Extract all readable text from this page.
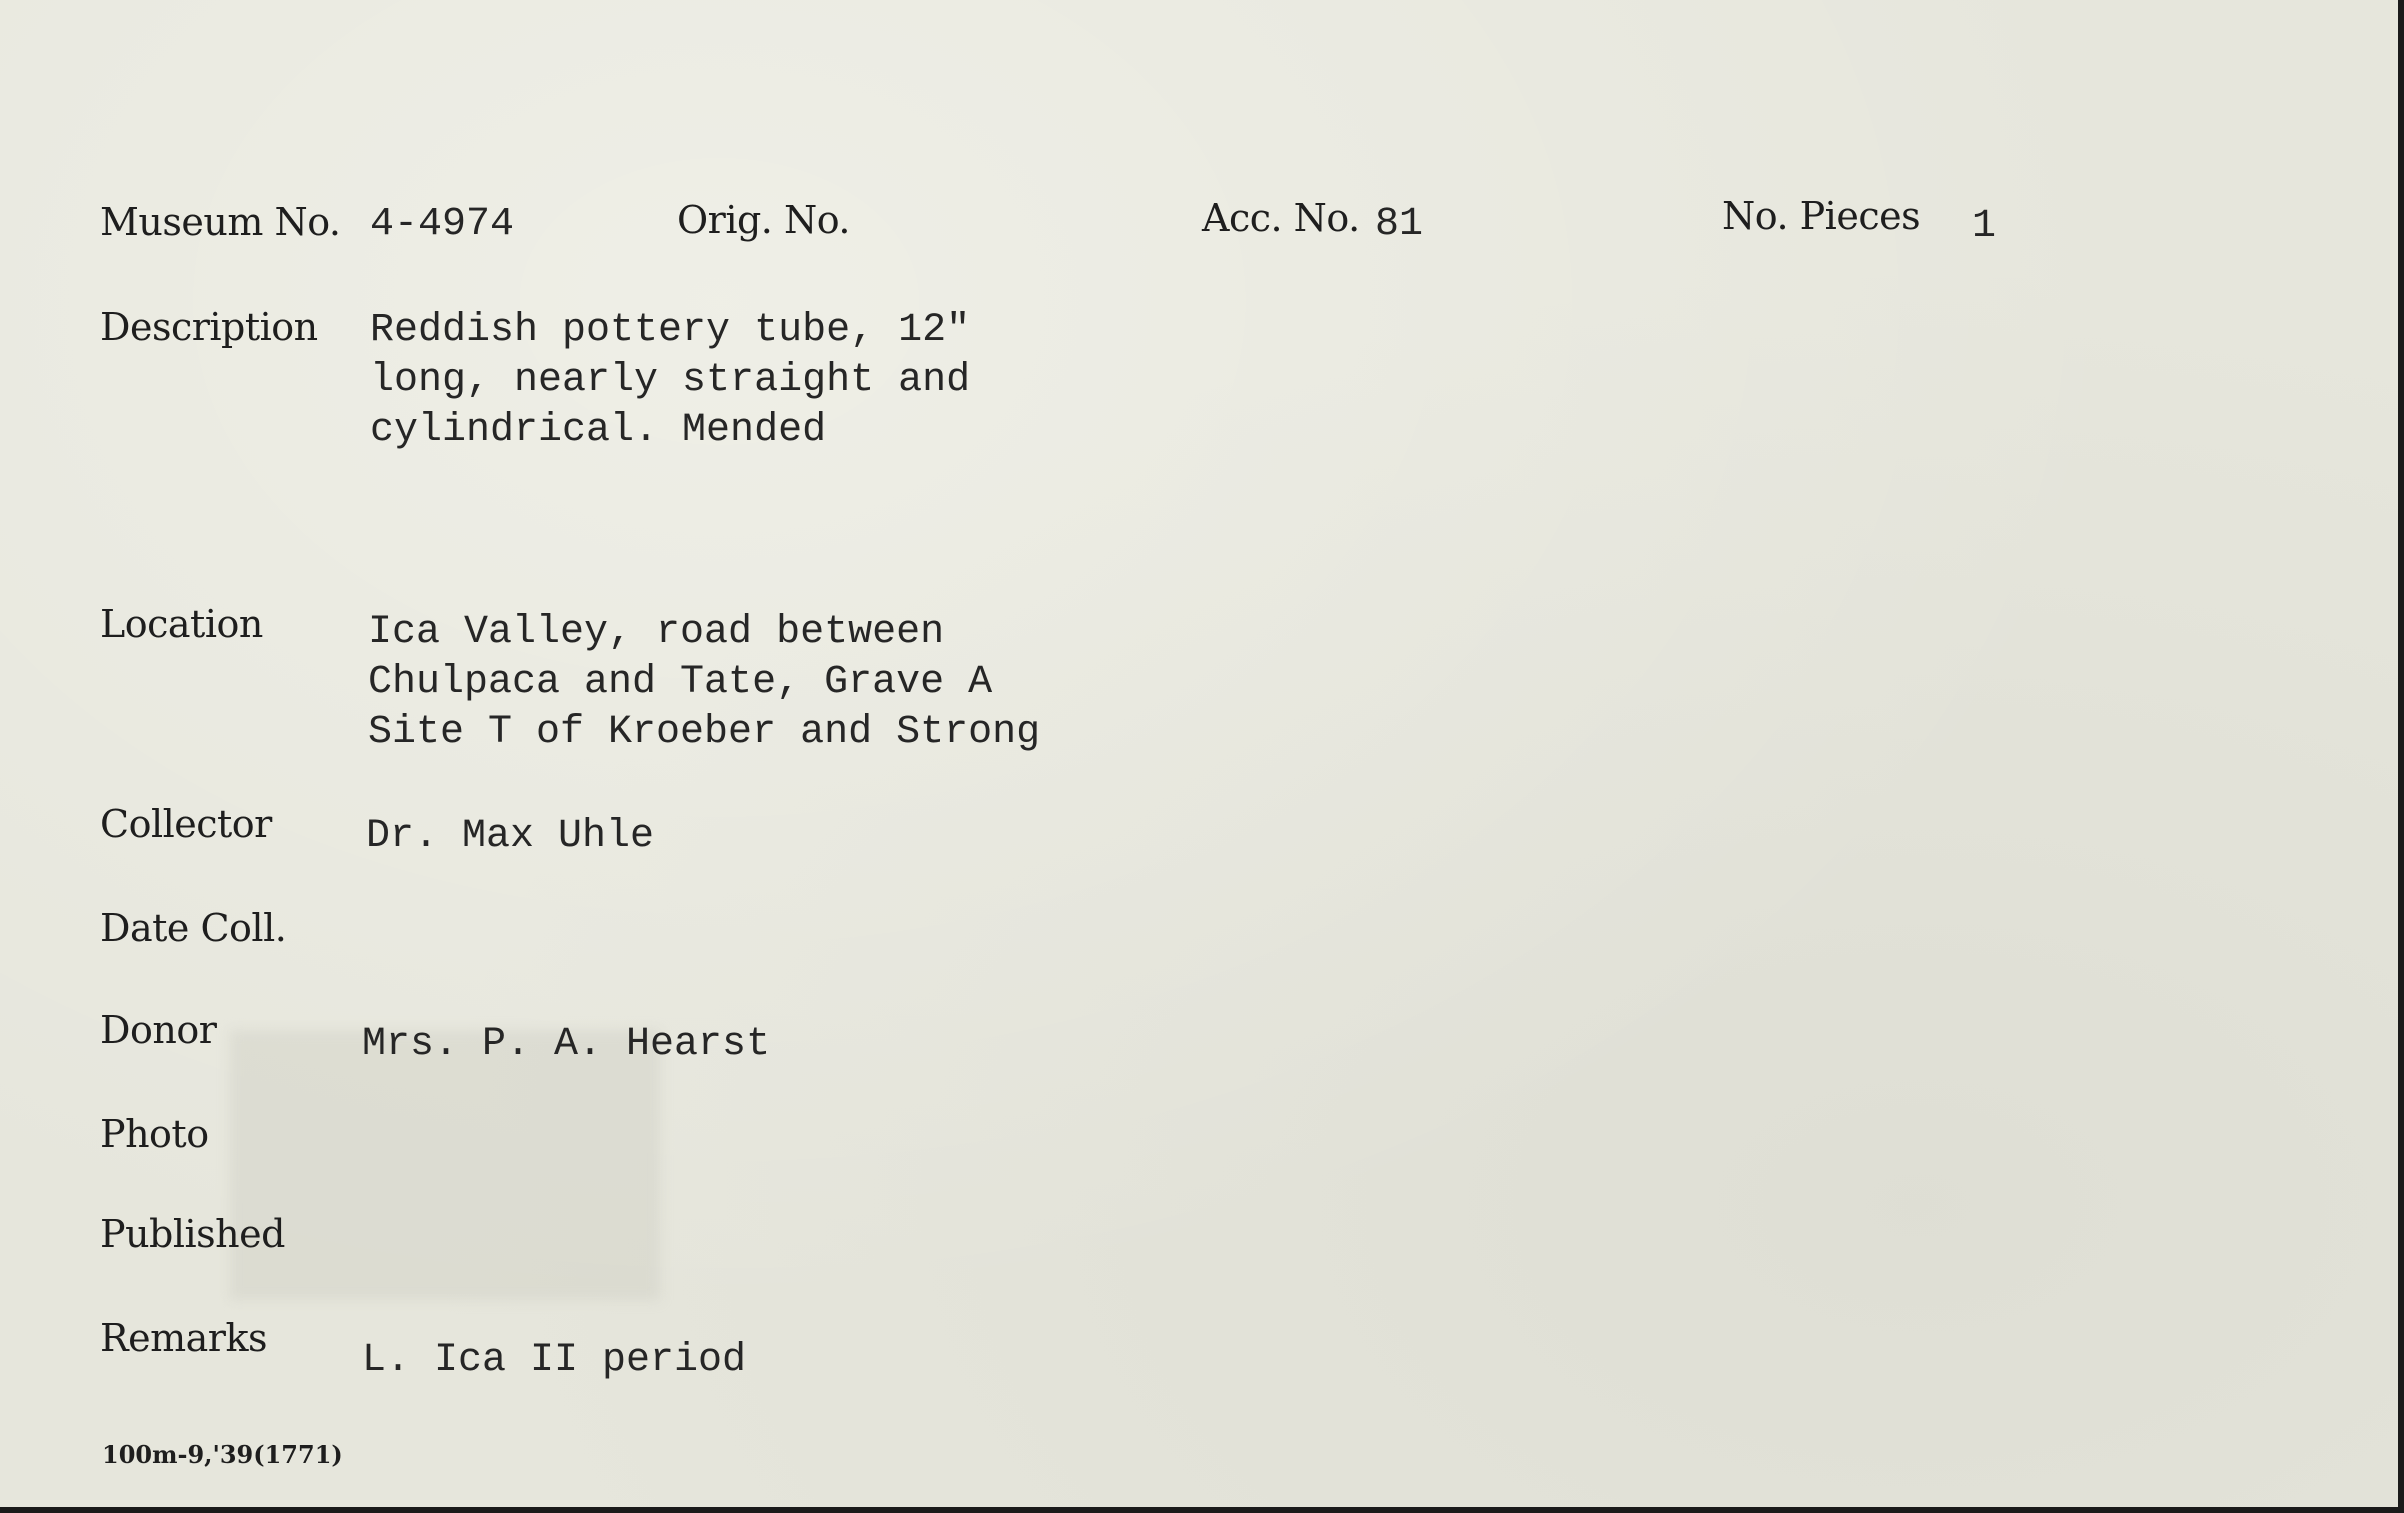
Museum No. 4-4974	Orig. No.	Acc. No. 81	No. Pieces 1
Description Reddish pottery tube, 12"
long, nearly straight and
cylindrical. Mended
Location	Ica Valley, road between
Chulpaca and Tate, Grave A
Site T of Kroeber and Strong
Collector Dr. Max Uhle
Date Coll.
Donor	Mrs. P. A. Hearst
Photo
Published
Remarks L. Ica II period
100m-9,'39(1771)
